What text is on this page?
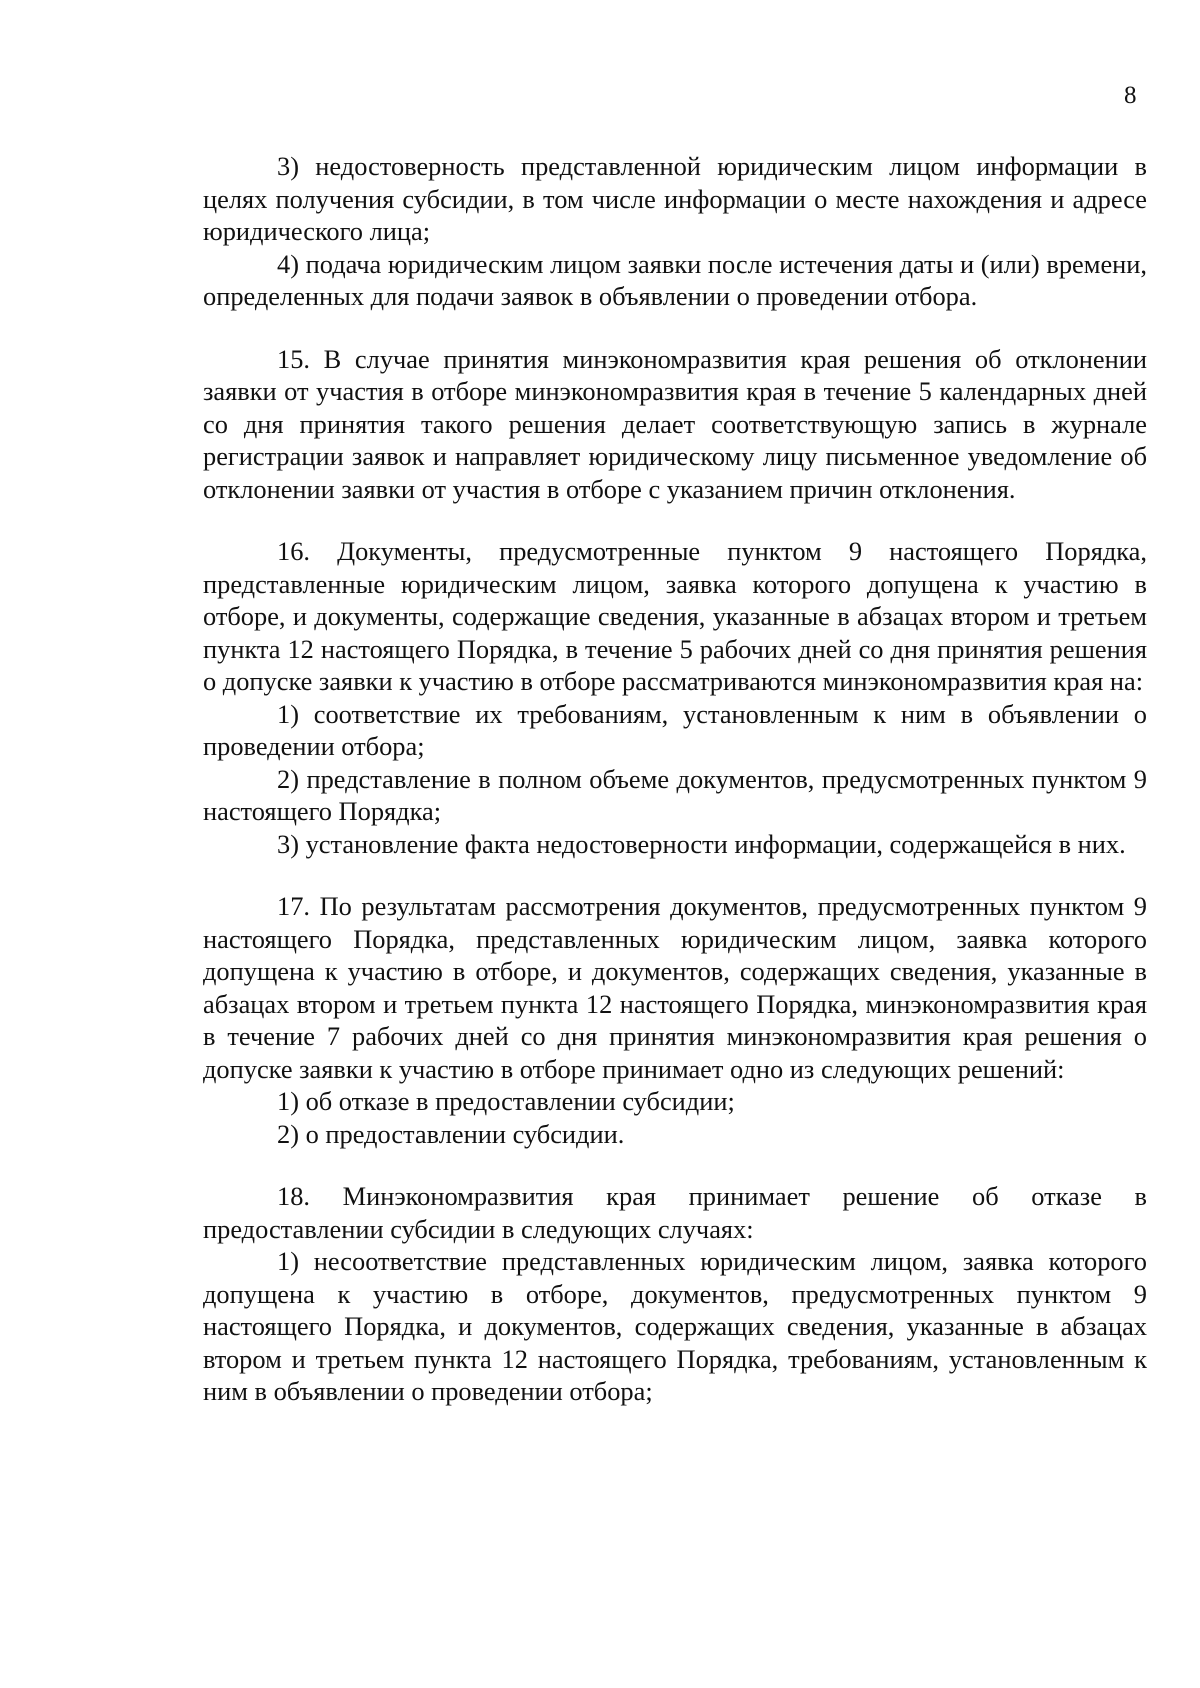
8

3) недостоверность представленной юридическим лицом информации в целях получения субсидии, в том числе информации о месте нахождения и адресе юридического лица;

4) подача юридическим лицом заявки после истечения даты и (или) времени, определенных для подачи заявок в объявлении о проведении отбора.

15. В случае принятия минэкономразвития края решения об отклонении заявки от участия в отборе минэкономразвития края в течение 5 календарных дней со дня принятия такого решения делает соответствующую запись в журнале регистрации заявок и направляет юридическому лицу письменное уведомление об отклонении заявки от участия в отборе с указанием причин отклонения.

16. Документы, предусмотренные пунктом 9 настоящего Порядка, представленные юридическим лицом, заявка которого допущена к участию в отборе, и документы, содержащие сведения, указанные в абзацах втором и третьем пункта 12 настоящего Порядка, в течение 5 рабочих дней со дня принятия решения о допуске заявки к участию в отборе рассматриваются минэкономразвития края на:

1) соответствие их требованиям, установленным к ним в объявлении о проведении отбора;

2) представление в полном объеме документов, предусмотренных пунктом 9 настоящего Порядка;

3) установление факта недостоверности информации, содержащейся в них.

17. По результатам рассмотрения документов, предусмотренных пунктом 9 настоящего Порядка, представленных юридическим лицом, заявка которого допущена к участию в отборе, и документов, содержащих сведения, указанные в абзацах втором и третьем пункта 12 настоящего Порядка, минэкономразвития края в течение 7 рабочих дней со дня принятия минэкономразвития края решения о допуске заявки к участию в отборе принимает одно из следующих решений:

1) об отказе в предоставлении субсидии;

2) о предоставлении субсидии.

18. Минэкономразвития края принимает решение об отказе в предоставлении субсидии в следующих случаях:

1) несоответствие представленных юридическим лицом, заявка которого допущена к участию в отборе, документов, предусмотренных пунктом 9 настоящего Порядка, и документов, содержащих сведения, указанные в абзацах втором и третьем пункта 12 настоящего Порядка, требованиям, установленным к ним в объявлении о проведении отбора;
